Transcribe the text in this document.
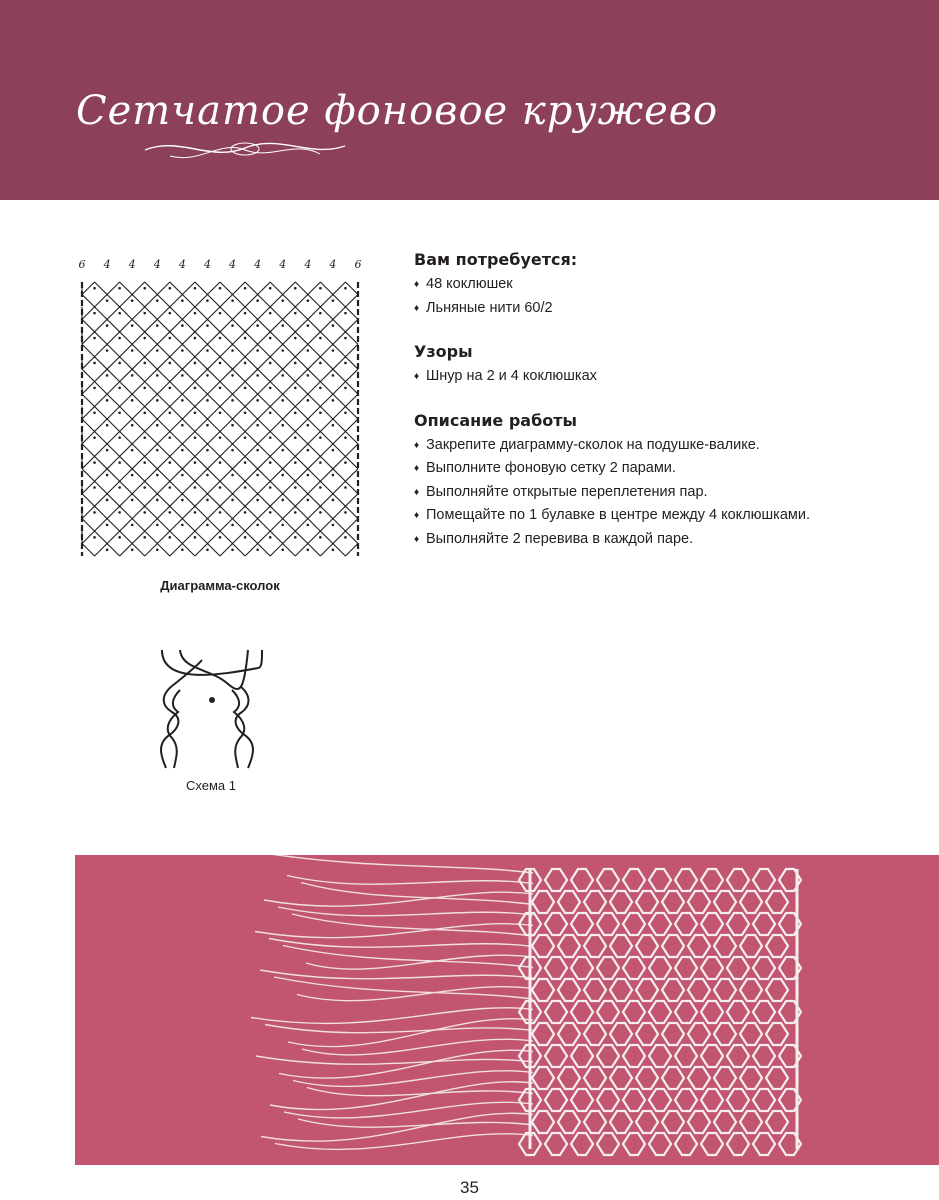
Сетчатое фоновое кружево
6 4 4 4 4 4 4 4 4 4 4 6
Диаграмма-сколок
Схема 1
Вам потребуется:
♦ 48 коклюшек
♦ Льняные нити 60/2
Узоры
♦ Шнур на 2 и 4 коклюшках
Описание работы
♦ Закрепите диаграмму-сколок на подушке-валике.
♦ Выполните фоновую сетку 2 парами.
♦ Выполняйте открытые переплетения пар.
♦ Помещайте по 1 булавке в центре между 4 коклюшками.
♦ Выполняйте 2 перевива в каждой паре.
35
